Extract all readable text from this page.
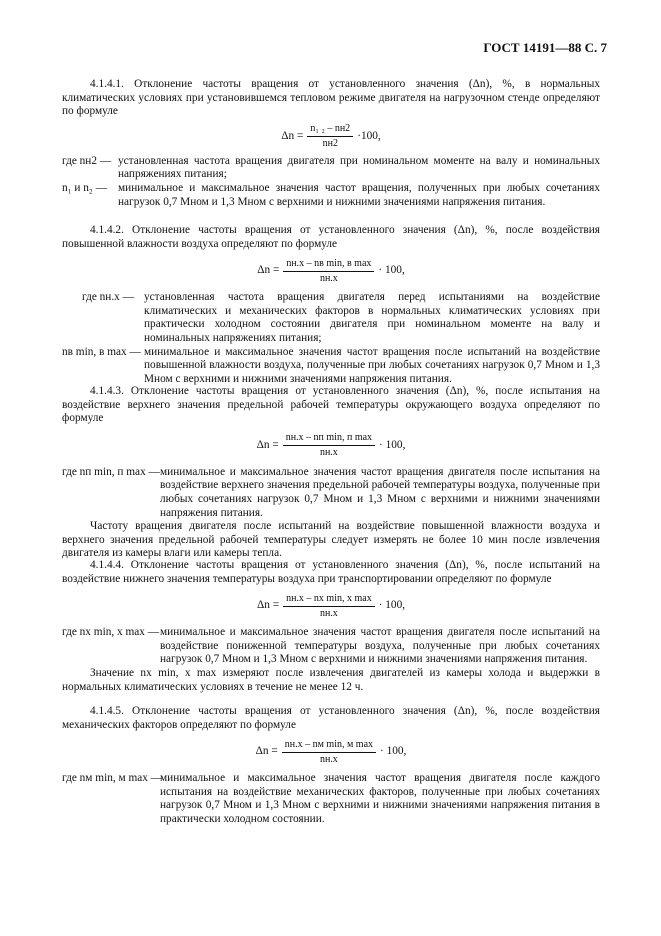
ГОСТ 14191—88 С. 7

4.1.4.1. Отклонение частоты вращения от установленного значения (Δn), %, в нормальных климатических условиях при установившемся тепловом режиме двигателя на нагрузочном стенде определяют по формуле

$\Delta n = \frac{\text{n₁ ₂ – nн2}}{nн2} \cdot 100$,
где nн2 — установленная частота вращения двигателя при номинальном моменте на валу и номинальных напряжениях питания;
n₁ и n₂ — минимальное и максимальное значения частот вращения, полученных при любых сочетаниях нагрузок 0,7 Mном и 1,3 Mном с верхними и нижними значениями напряжения питания.

4.1.4.2. Отклонение частоты вращения от установленного значения (Δn), %, после воздействия повышенной влажности воздуха определяют по формуле

$\Delta n = \frac{\text{nн.х – nв min, в max}}{nн.х} \cdot 100$,
где nн.х — установленная частота вращения двигателя перед испытаниями на воздействие климатических и механических факторов в нормальных климатических условиях при практически холодном состоянии двигателя при номинальном моменте на валу и номинальных напряжениях питания;
nв min, в max — минимальное и максимальное значения частот вращения после испытаний на воздействие повышенной влажности воздуха, полученные при любых сочетаниях нагрузок 0,7 Mном и 1,3 Mном с верхними и нижними значениями напряжения питания.

4.1.4.3. Отклонение частоты вращения от установленного значения (Δn), %, после испытания на воздействие верхнего значения предельной рабочей температуры окружающего воздуха определяют по формуле

$\Delta n = \frac{\text{nн.х – nп min, п max}}{nн.х} \cdot 100$,
где nп min, п max — минимальное и максимальное значения частот вращения двигателя после испытания на воздействие верхнего значения предельной рабочей температуры воздуха, полученные при любых сочетаниях нагрузок 0,7 Mном и 1,3 Mном с верхними и нижними значениями напряжения питания.

Частоту вращения двигателя после испытаний на воздействие повышенной влажности воздуха и верхнего значения предельной рабочей температуры следует измерять не более 10 мин после извлечения двигателя из камеры влаги или камеры тепла.

4.1.4.4. Отклонение частоты вращения от установленного значения (Δn), %, после испытаний на воздействие нижнего значения температуры воздуха при транспортировании определяют по формуле

$\Delta n = \frac{\text{nн.х – nх min, х max}}{nн.х} \cdot 100$,
где nх min, х max — минимальное и максимальное значения частот вращения двигателя после испытаний на воздействие пониженной температуры воздуха, полученные при любых сочетаниях нагрузок 0,7 Mном и 1,3 Mном с верхними и нижними значениями напряжения питания.

Значение nх min, х max измеряют после извлечения двигателей из камеры холода и выдержки в нормальных климатических условиях в течение не менее 12 ч.

4.1.4.5. Отклонение частоты вращения от установленного значения (Δn), %, после воздействия механических факторов определяют по формуле

$\Delta n = \frac{\text{nн.х – nм min, м max}}{nн.х} \cdot 100$,
где nм min, м max —
минимальное и максимальное значения частот вращения двигателя после каждого испытания на воздействие механических факторов, полученные при любых сочетаниях нагрузок 0,7 Mном и 1,3 Mном с верхними и нижними значениями напряжения питания в практически холодном состоянии.
